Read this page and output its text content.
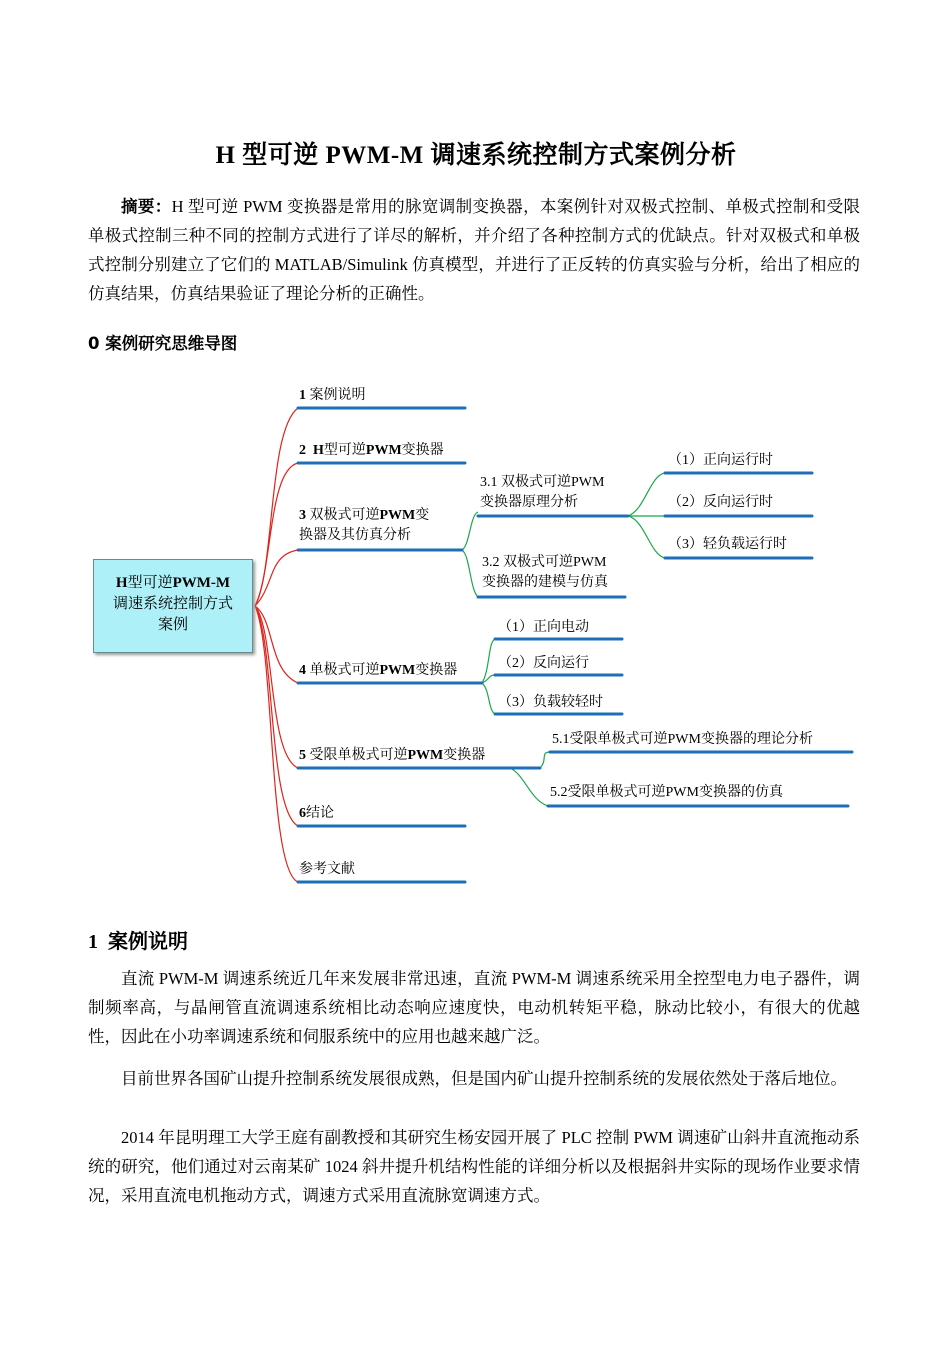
H 型可逆 PWM-M 调速系统控制方式案例分析

摘要：H 型可逆 PWM 变换器是常用的脉宽调制变换器，本案例针对双极式控制、单极式控制和受限单极式控制三种不同的控制方式进行了详尽的解析，并介绍了各种控制方式的优缺点。针对双极式和单极式控制分别建立了它们的 MATLAB/Simulink 仿真模型，并进行了正反转的仿真实验与分析，给出了相应的仿真结果，仿真结果验证了理论分析的正确性。

0 案例研究思维导图
H型可逆PWM-M
调速系统控制方式
案例
1 案例说明
2 H型可逆PWM变换器
3 双极式可逆PWM变
换器及其仿真分析
3.1 双极式可逆PWM
变换器原理分析
（1）正向运行时
（2）反向运行时
（3）轻负载运行时
3.2 双极式可逆PWM
变换器的建模与仿真
4 单极式可逆PWM变换器
（1）正向电动
（2）反向运行
（3）负载较轻时
5 受限单极式可逆PWM变换器
5.1受限单极式可逆PWM变换器的理论分析
5.2受限单极式可逆PWM变换器的仿真
6结论
参考文献
1 案例说明

直流 PWM-M 调速系统近几年来发展非常迅速，直流 PWM-M 调速系统采用全控型电力电子器件，调制频率高，与晶闸管直流调速系统相比动态响应速度快，电动机转矩平稳，脉动比较小，有很大的优越性，因此在小功率调速系统和伺服系统中的应用也越来越广泛。

目前世界各国矿山提升控制系统发展很成熟，但是国内矿山提升控制系统的发展依然处于落后地位。

2014 年昆明理工大学王庭有副教授和其研究生杨安园开展了 PLC 控制 PWM 调速矿山斜井直流拖动系统的研究，他们通过对云南某矿 1024 斜井提升机结构性能的详细分析以及根据斜井实际的现场作业要求情况，采用直流电机拖动方式，调速方式采用直流脉宽调速方式。
